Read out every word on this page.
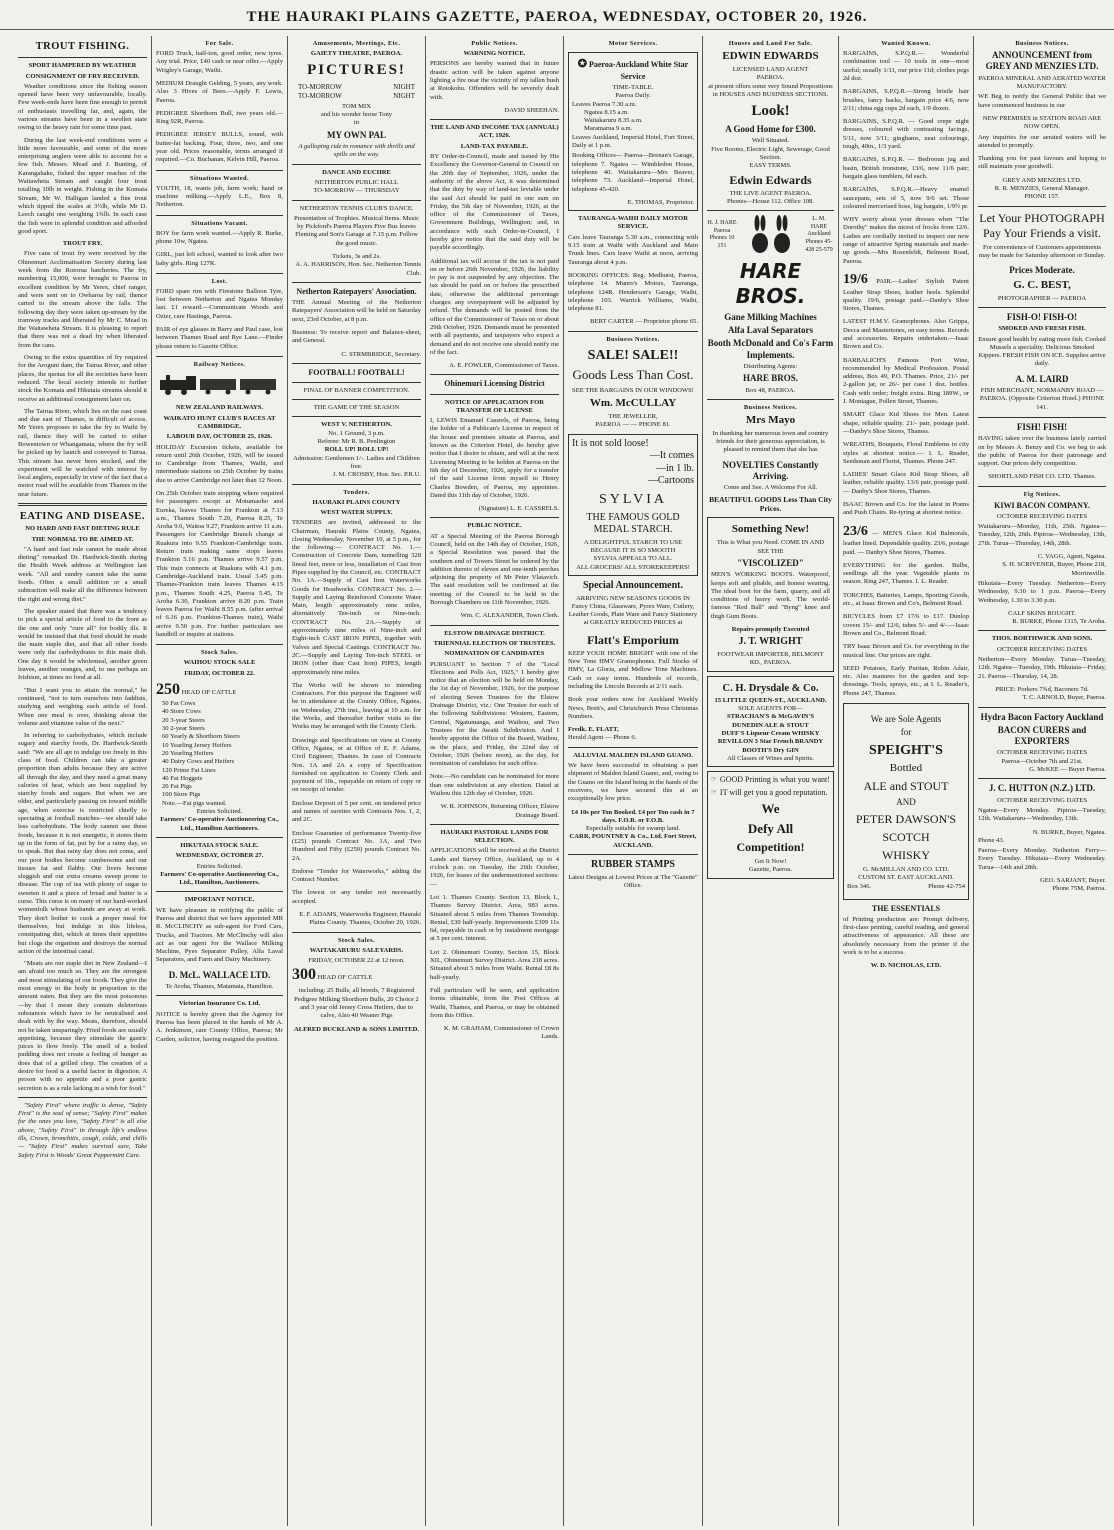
THE HAURAKI PLAINS GAZETTE, PAEROA, WEDNESDAY, OCTOBER 20, 1926.
TROUT FISHING.
SPORT HAMPERED BY WEATHER
CONSIGNMENT OF FRY RECEIVED.

Weather conditions since the fishing season opened have been very unfavourable, locally. Few week-ends have been fine enough to permit of enthusiasts travelling far, and, again, the various streams have been in a swollen state owing to the heavy rain for some time past.

During the last week-end conditions were a little more favourable, and some of the more enterprising anglers were able to account for a few fish. Messrs. Mead and J. Bunting, of Karangahake, fished the upper reaches of the Waitawheta Stream and caught four trout totalling 10lb in weight. Fishing in the Komata Stream, Mr W. Halligan landed a fine trout which tipped the scales at 3½lb, while Mr D. Leech caught one weighing 1¾lb. In each case the fish were in splendid condition and afforded good sport.

TROUT FRY.

Five cans of trout fry were received by the Ohinemuri Acclimatisation Society during last week from the Rotorua hatcheries. The fry, numbering 15,000, were brought to Paeroa in excellent condition by Mr Yerex, chief ranger, and were sent on to Owharoa by rail, thence carted to the stream above the falls. The following day they were taken up-stream by the tramway tracks and liberated by Mr C. Mead in the Waitawheta Stream. It is pleasing to report that there was not a dead fry when liberated from the cans.

Owing to the extra quantities of fry required for the Aroguni dam, the Tairua River, and other places, the quotas for all the societies have been reduced. The local society intends to further stock the Komata and Hikutaia streams should it receive an additional consignment later on.

The Tairua River, which lies on the east coast and due east of Thames, is difficult of access. Mr Yerex proposes to take the fry to Waihi by rail, thence they will be carted to either Bowentown or Whangamata, where the fry will be picked up by launch and conveyed to Tairua. This stream has never been stocked, and the experiment will be watched with interest by local anglers, especially in view of the fact that a motor road will be available from Thames in the near future.

EATING AND DISEASE.
NO HARD AND FAST DIETING RULE
THE NORMAL TO BE AIMED AT.

"A hard and fast rule cannot be made about dieting" remarked Dr. Hardwick-Smith during the Health Week address at Wellington last week. "All and sundry cannot take the same foods. Often a small addition or a small subtraction will make all the difference between the right and wrong diet."

The speaker stated that there was a tendency to pick a special article of food to the front as the one and only "cure all" for bodily ills. It would be insisted that that food should be made the main staple diet, and that all other foods were only the carbohydrates to this main dish. One day it would be wholemeal, another green leaves, another oranges, and, to use perhaps an Irishism, at times no food at all.

"But I want you to attain the normal," he continued, "not to turn ourselves into faddists, studying and weighing each article of food. When one meal is over, thinking about the volume and vitamine value of the next."

In referring to carbohydrates, which include sugary and starchy foods, Dr. Hardwick-Smith said: "We are all apt to indulge too freely in this class of food. Children can take a greater proportion than adults because they are active all through the day, and they need a great many calories of heat, which are best supplied by starchy foods and sugars. But when we are older, and particularly passing on toward middle age, when exercise is restricted chiefly to spectating at football matches—we should take less carbohydrate. The body cannot use these foods, because it is not energetic, it stores them up in the form of fat, put by for a rainy day, so to speak. But that rainy day does not come, and our poor bodies become cumbersome and our tissues fat and flabby. Our livers become sluggish and our extra creams sweep prone to disease. The cup of tea with plenty of sugar to sweeten it and a piece of bread and butter is a curse. This curse is on many of our hard-worked womenfolk whose husbands are away at work. They don't bother to cook a proper meal for themselves, but indulge in this lifeless, constipating diet, which at times their appetites but clogs the organism and destroys the normal action of the intestinal canal.

"Meats are our staple diet in New Zealand—I am afraid too much so. They are the strongest and most stimulating of our foods. They give the most energy to the body in proportion to the amount eaten. But they are the most poisonous—by that I mean they contain deleterious substances which have to be neutralised and dealt with by the way. Meats, therefore, should not be taken unsparingly. Fried foods are usually appetising, because they stimulate the gastric juices to flow freely. The smell of a boiled pudding does not create a feeling of hunger as does that of a grilled chop. The creation of a desire for food is a useful factor in digestion. A person with no appetite and a poor gastric secretion is as a rule lacking in a wish for food."

"Safety First" where traffic is dense, "Safety First" is the soul of sense; "Safety First" makes for the ones you love, "Safety First" is all else above, "Safety First" in through life's endless ills, Crown, bronchitis, cough, colds, and chills— "Safety First" makes survival sure, Take Safety First is Woods' Great Peppermint Cure.

For Sale.

FORD Truck, half-ton, good order, new tyres. Any trial. Price, £40 cash or near offer.—Apply Wrigley's Garage, Waihi.

MEDIUM Draught Gelding, 5 years, any work. Also 3 Hives of Bees.—Apply F. Lewis, Paeroa.

PEDIGREE Shorthorn Bull, two years old.—Ring 92R, Paeroa.

PEDIGREE JERSEY BULLS, sound, with butter-fat backing. Four, three, two, and one year old. Prices reasonable, terms arranged if required.—Co. Buchanan, Kelvin Hill, Paeroa.

Situations Wanted.

YOUTH, 18, wants job, farm work; hand or machine milking.—Apply L.E., Box 8, Netherton.

Situations Vacant.

BOY for farm work wanted.—Apply R. Burke, phone 10w, Ngatea.

GIRL, just left school, wanted to look after two baby girls. Ring 127R.

Lost.

FORD spare rim with Firestone Balloon Tyre, lost between Netherton and Ngatea Monday last. £1 reward.—Communicate Woods and Ozier, care Hastings, Paeroa.

PAIR of eye glasses in Barry and Paul case, lost between Thames Road and Rye Lane.—Finder please return to Gazette Office.

Railway Notices.
NEW ZEALAND RAILWAYS.
WAIKATO HUNT CLUB'S RACES AT CAMBRIDGE.
LABOUR DAY, OCTOBER 25, 1926.

HOLIDAY Excursion tickets, available for return until 26th October, 1926, will be issued to Cambridge from Thames, Waihi, and intermediate stations on 25th October by trains due to arrive Cambridge not later than 12 Noon.

On 25th October train stopping where required for passengers except at Motumaoho and Eureka, leaves Thames for Frankton at 7.13 a.m., Thames South 7.20, Paeroa 8.25, Te Aroha 9.6, Waitoa 9.27, Frankton arrive 11 a.m. Passengers for Cambridge Branch change at Ruakura into 9.55 Frankton-Cambridge train. Return train making same stops leaves Frankton 5.16 p.m. Thames arrive 9.57 p.m. This train connects at Ruakura with 4.1 p.m. Cambridge-Auckland train. Usual 3.45 p.m. Thames-Frankton train leaves Thames 4.15 p.m., Thames South 4.25, Paeroa 5.45, Te Aroha 6.30, Frankton arrive 8.20 p.m. Train leaves Paeroa for Waihi 8.55 p.m. (after arrival of 6.16 p.m. Frankton-Thames train), Waihi arrive 9.50 p.m. For further particulars see handbill or inquire at stations.

Stock Sales.
WAIHOU STOCK SALE
FRIDAY, OCTOBER 22.
250 HEAD OF CATTLE
50 Fat Cows
40 Store Cows
20 3-year Steers
30 2-year Steers
60 Yearly & Shorthorn Steers
10 Yearling Jersey Heifers
20 Yearling Heifers
40 Dairy Cows and Heifers
120 Prime Fat Lines
40 Fat Hoggets
20 Fat Pigs
100 Store Pigs
Note.—Fat pigs wanted.
Entries Solicited.
Farmers' Co-operative Auctioneering Co., Ltd., Hamilton Auctioneers.
HIKUTAIA STOCK SALE.
WEDNESDAY, OCTOBER 27.
Entries Solicited.
Farmers' Co-operative Auctioneering Co., Ltd., Hamilton, Auctioneers.
IMPORTANT NOTICE.

WE have pleasure in notifying the public of Paeroa and district that we have appointed MR R. McCLINCHY as sub-agent for Ford Cars, Trucks, and Tractors. Mr McClinchy will also act as our agent for the Wallace Milking Machine, Pyes Separator Pulley, Alfa Laval Separators, and Farm and Dairy Machinery.

D. McL. WALLACE LTD.
Te Aroha, Thames, Matamata, Hamilton.
Victorian Insurance Co. Ltd.

NOTICE is hereby given that the Agency for Paeroa has been placed in the hands of Mr A. A. Jenkinson, care County Office, Paeroa; Mr Carden, solicitor, having resigned the position.

Amusements, Meetings, Etc.
GAIETY THEATRE, PAEROA.
PICTURES!
TO-MORROW
TO-MORROW
NIGHT
NIGHT
TOM MIX
and his wonder horse Tony
in
MY OWN PAL
A galloping ride to romance with thrills and spills on the way.
DANCE AND EUCHRE
NETHERTON PUBLIC HALL
TO-MORROW — THURSDAY
NETHERTON TENNIS CLUB'S DANCE.

Presentation of Trophies. Musical Items. Music by Pickford's Paeroa Players Five Bus leaves Fleming and Son's Garage at 7.15 p.m. Follow the good music.

Tickets, 3s and 2s.
A. A. HARRISON, Hon. Sec. Netherton Tennis Club.
Netherton Ratepayers' Association.

THE Annual Meeting of the Netherton Ratepayers' Association will be held on Saturday next, 23rd October, at 8 p.m.

Business: To receive report and Balance-sheet, and General.

C. STRMBRIDGE, Secretary.
FOOTBALL! FOOTBALL!
FINAL OF BANNER COMPETITION.
THE GAME OF THE SEASON
WEST V. NETHERTON.
No. 1 Ground, 3 p.m.
Referee: Mr R. B. Penlington
ROLL UP! ROLL UP!
Admission: Gentlemen 1/-. Ladies and Children free.
J. M. CROSBY, Hon. Sec. P.R.U.
Tenders.
HAURAKI PLAINS COUNTY
WEST WATER SUPPLY.

TENDERS are invited, addressed to the Chairman, Hauraki Plains County, Ngatea, closing Wednesday, November 10, at 5 p.m., for the following:— CONTRACT No. 1.—Construction of Concrete Dam, tunnelling 328 lineal feet, more or less, installation of Cast Iron Pipes supplied by the Council, etc. CONTRACT No. 1A.—Supply of Cast Iron Waterworks Goods for Headworks. CONTRACT No. 2.—Supply and Laying Reinforced Concrete Water Main, length approximately nine miles, alternatively Ten-inch or Nine-inch. CONTRACT No. 2A.—Supply of approximately nine miles of Nine-inch and Eight-inch CAST IRON PIPES, together with Valves and Special Castings. CONTRACT No. 2C.—Supply and Laying Ten-inch STEEL or IRON (other than Cast Iron) PIPES, length approximately nine miles.

The Works will be shown to intending Contractors. For this purpose the Engineer will be in attendance at the County Office, Ngatea, on Wednesday, 27th inst., leaving at 10 a.m. for the Works, and thereafter further visits to the Works may be arranged with the County Clerk.

Drawings and Specifications on view at County Office, Ngatea, or at Office of E. F. Adams, Civil Engineer, Thames. In case of Contracts Nos. 1A and 2A a copy of Specification furnished on application to County Clerk and payment of 10s., repayable on return of copy or on receipt of tender.

Enclose Deposit of 5 per cent. on tendered price and names of sureties with Contracts Nos. 1, 2, and 2C.

Enclose Guarantee of performance Twenty-five (£25) pounds Contract No. 1A, and Two Hundred and Fifty (£250) pounds Contract No. 2A.

Endorse "Tender for Waterworks," adding the Contract Number.

The lowest or any tender not necessarily accepted.

E. F. ADAMS, Waterworks Engineer, Hauraki Plains County. Thames, October 20, 1926.
Stock Sales.
WAITAKARURU SALEYARDS.
FRIDAY, OCTOBER 22 at 12 noon.
300 HEAD OF CATTLE

including: 25 Bulls, all breeds, 7 Registered Pedigree Milking Shorthorn Bulls, 20 Choice 2 and 3 year old Jersey Cross Heifers, due to calve, Also 40 Weaner Pigs

ALFRED BUCKLAND & SONS LIMITED.
Public Notices.
WARNING NOTICE.

PERSONS are hereby warned that in future drastic action will be taken against anyone lighting a fire near the vicinity of my tallen bush at Rotokohu. Offenders will be severely dealt with.

DAVID SHEEHAN.
THE LAND AND INCOME TAX (ANNUAL) ACT, 1926.
LAND-TAX PAYABLE.

BY Order-in-Council, made and issued by His Excellency the Governor-General in Council on the 20th day of September, 1926, under the authority of the above Act, it was determined that the duty by way of land-tax leviable under the said Act should be paid in one sum on Friday, the 5th day of November, 1926, at the office of the Commissioner of Taxes, Government Buildings, Wellington; and, in accordance with such Order-in-Council, I hereby give notice that the said duty will be payable accordingly.

Additional tax will accrue if the tax is not paid on or before 26th November, 1926, the liability to pay is not suspended by any objection. The tax should be paid on or before the prescribed date, otherwise the additional percentage charges: any overpayment will be adjusted by refund. The demands will be posted from the office of the Commissioner of Taxes on or about 29th October, 1926. Demands must be presented with all payments, and taxpayers who expect a demand and do not receive one should notify me of the fact.

A. E. FOWLER, Commissioner of Taxes.
Ohinemuri Licensing District
NOTICE OF APPLICATION FOR TRANSFER OF LICENSE

I, LEWIS Emanuel Cassrels, of Paeroa, being the holder of a Publican's License in respect of the house and premises situate at Paeroa, and known as the Criterion Hotel, do hereby give notice that I desire to obtain, and will at the next Licensing Meeting to be holden at Paeroa on the 6th day of December, 1926, apply for a transfer of the said License from myself to Henry Charles Bowden, of Paeroa, my appointee. Dated this 11th day of October, 1926.

(Signature) L. E. CASSRELS.
PUBLIC NOTICE.

AT a Special Meeting of the Paeroa Borough Council, held on the 14th day of October, 1926, a Special Resolution was passed that the southern end of Towers Street be ordered by the addition thereto of eleven and one-tenth perches adjoining the property of Mr Peter Vlatavich. The said resolution will be confirmed at the meeting of the Council to be held in the Borough Chambers on 11th November, 1926.

Wm. C. ALEXANDER, Town Clerk.
ELSTOW DRAINAGE DISTRICT.
TRIENNIAL ELECTION OF TRUSTEES.
NOMINATION OF CANDIDATES

PURSUANT to Section 7 of the "Local Elections and Polls Act, 1925," I hereby give notice that an election will be held on Monday, the 1st day of November, 1926, for the purpose of electing Seven Trustees for the Elstow Drainage District, viz.: One Trustee for each of the following Subdivisions: Western, Eastern, Central, Ngatumanga, and Waihou, and Two Trustees for the Awaiti Subdivision. And I hereby appoint the Office of the Board, Waihou, as the place, and Friday, the 22nd day of October, 1926 (before noon), as the day, for nomination of candidates for such office.

Note.—No candidate can be nominated for more than one subdivision at any election. Dated at Waihou this 12th day of October, 1926.

W. R. JOHNSON, Returning Officer, Elstow Drainage Board.
HAURAKI PASTORAL LANDS FOR SELECTION.

APPLICATIONS will be received at the District Lands and Survey Office, Auckland, up to 4 o'clock p.m. on Tuesday, the 26th October, 1926, for leases of the undermentioned sections:—

Lot 1. Thames County. Section 13, Block I., Thames Survey District. Area, 983 acres. Situated about 5 miles from Thames Township. Rental, £30 half-yearly. Improvements £399 11s 6d, repayable in cash or by instalment mortgage at 5 per cent. interest.

Lot 2. Ohinemuri County. Section 15, Block XII., Ohinemuri Survey District. Area 218 acres. Situated about 5 miles from Waihi. Rental £8 8s half-yearly.

Full particulars will be seen, and application forms obtainable, from the Post Offices at Waihi, Thames, and Paeroa, or may be obtained from this Office.

K. M. GRAHAM, Commissioner of Crown Lands.
Motor Services.
✪ Paeroa-Auckland White Star Service
TIME-TABLE.
Paeroa Daily.
Leaves Paeroa 7.30 a.m.
Ngatea 8.15 a.m.
Waitakaruru 8.35 a.m.
Maramarua 9 a.m.
Leaves Auckland, Imperial Hotel, Fort Street, Daily at 1 p.m.

Booking Offices— Paeroa—Brenan's Garage, telephone 7. Ngatea — Wimbledon House, telephone 40. Waitakaruru—Mrs Beaver, telephone 73. Auckland—Imperial Hotel, telephone 45-420.

E. THOMAS, Proprietor.
TAURANGA-WAIHI DAILY MOTOR SERVICE.

Cars leave Tauranga 5.30 a.m., connecting with 9.15 train at Waihi with Auckland and Main Trunk lines. Cars leave Waihi at noon, arriving Tauranga about 4 p.m.

BOOKING OFFICES: Reg. Medhurst, Paeroa, telephone 14. Munro's Motors, Tauranga, telephone 124R. Henderson's Garage, Waihi, telephone 103. Warrick Williams, Waihi, telephone 81.

BERT CARTER — Proprietor phone 65.
Business Notices.
SALE! SALE!!
Goods Less Than Cost.
SEE THE BARGAINS IN OUR WINDOWS!
Wm. McCULLAY
THE JEWELLER,
PAEROA — — PHONE 81.
It is not sold loose!
—It comes
—in 1 lb.
—Cartoons
SYLVIA
THE FAMOUS GOLD MEDAL STARCH.
A DELIGHTFUL STARCH TO USE BECAUSE IT IS SO SMOOTH
SYLVIA APPEALS TO ALL.
ALL GROCERS! ALL STOREKEEPERS!
Special Announcement.

ARRIVING NEW SEASON'S GOODS IN Fancy China, Glassware, Pyrex Ware, Cutlery, Leather Goods, Plate Ware and Fancy Stationery at GREATLY REDUCED PRICES at

Flatt's Emporium

KEEP YOUR HOME BRIGHT with one of the New Tone HMV Gramophones. Full Stocks of HMV, La Gloria, and Mellow Tone Machines. Cash or easy terms. Hundreds of records, including the Lincoln Records at 2/11 each.

Book your orders now for Auckland Weekly News, Brett's, and Christchurch Press Christmas Numbers.

Fredk. E. FLATT,
Herald Agent — Phone 6.
ALLUVIAL MALDEN ISLAND GUANO.

We have been successful in obtaining a part shipment of Malden Island Guano, and, owing to the Guano on the Island being in the hands of the receivers, we have secured this at an exceptionally low price.

£4 10s per Ton Booked. £4 per Ton cash in 7 days. F.O.R. or F.O.B.
Especially suitable for swamp land.
CARR, POUNTNEY & Co., Ltd. Fort Street, AUCKLAND.
RUBBER STAMPS
Latest Designs at Lowest Prices at The "Gazette" Office.
Houses and Land For Sale.
EDWIN EDWARDS
LICENSED LAND AGENT
PAEROA.
at present offers some very Sound Propositions in HOUSES AND BUSINESS SECTIONS.
Look!
A Good Home for £300.
Well Situated.
Five Rooms, Electric Light, Sewerage, Good Section.
EASY TERMS.
Edwin Edwards
THE LIVE AGENT PAEROA.
Phones—House 112. Office 108.
H. J. HARE Paeroa Phones 10 151
L. M. HARE Auckland Phones 45-428 25-579
HARE BROS.
Gane Milking Machines
Alfa Laval Separators
Booth McDonald and Co's Farm Implements.
Distributing Agents:
HARE BROS.
Box 48, PAEROA.
Business Notices.
Mrs Mayo

In thanking her numerous town and country friends for their generous appreciation, is pleased to remind them that she has

NOVELTIES Constantly Arriving.
Come and See. A Welcome For All.
BEAUTIFUL GOODS Less Than City Prices.
Something New!
This is What you Need. COME IN AND SEE THE
"VISCOLIZED"

MEN'S WORKING BOOTS. Waterproof, keeps soft and pliable, and honest wearing. The ideal boot for the farm, quarry, and all conditions of heavy work. The world-famous "Red Ball" and "Byng" knee and thigh Gum Boots.

Repairs promptly Executed
J. T. WRIGHT
FOOTWEAR IMPORTER, BELMONT RD., PAEROA.
C. H. Drysdale & Co.
15 LITTLE QUEEN-ST., AUCKLAND.
SOLE AGENTS FOR—
STRACHAN'S & McGAVIN'S DUNEDIN ALE & STOUT
DUFF'S Liqueur Cream WHISKY
REVILLON 3 Star French BRANDY
BOOTH'S Dry GIN
All Classes of Wines and Spirits.
☞ GOOD Printing is what you want!
☞ IT will get you a good reputation.
We
Defy All
Competition!
Get It Now!
Gazette, Paeroa.
Wanted Known.

BARGAINS, S.P.Q.R.— Wonderful combination tool — 10 tools in one—most useful; usually 1/11, our price 11d; clothes pegs 2d doz.

BARGAINS, S.P.Q.R.—Strong bristle hair brushes, fancy backs, bargain price 4/6, now 2/11; china egg cups 2d each, 1/9 dozen.

BARGAINS, S.P.Q.R. — Good crepe night dresses, coloured with contrasting facings, 5/11, now 3/11; ginghams, neat colourings, tough, 40in., 1/3 yard.

BARGAINS, S.P.Q.R. — Bedrooun jug and basin, British ironstone, 13/6, now 11/6 pair; bargain glass tumblers, 6d each.

BARGAINS, S.P.Q.R.—Heavy enamel saucepans, sets of 5, now 9/6 set. Those coloured mercerised hose, big bargain, 1/9½ pr.

WHY worry about your dresses when "The Dorothy" makes the nicest of frocks from 12/6. Ladies are cordially invited to inspect our new range of attractive Spring materials and made-up goods.—Mrs Rosenfeldt, Belmont Road, Paeroa.

19/6 PAIR.—Ladies' Stylish Patent Leather Strap Shoes, leather heels. Splendid quality. 19/6, postage paid.—Danby's Shoe Stores, Thames.

LATEST H.M.V. Gramophones. Also Grippa, Decca and Mastertones, on easy terms. Records and accessories. Repairs undertaken.—Isaac Brown and Co.

BARBALICH'S Famous Port Wine, recommended by Medical Profession. Postal address, Box 49, P.O. Thames. Price, 21/- per 2-gallon jar, or 26/- per case 1 doz. bottles. Cash with order; freight extra. Ring 189W., or J. Montague, Pollen Street, Thames.

SMART Glace Kid Shoes for Men. Latest shape, reliable quality. 21/- pair, postage paid.—Danby's Shoe Stores, Thames.

WREATHS, Bouquets, Floral Emblems in city styles at shortest notice.— I. L. Reader, Seedsman and Florist, Thames. Phone 247.

LADIES' Smart Glace Kid Strap Shoes, all leather, reliable quality. 13/6 pair, postage paid. — Danby's Shoe Stores, Thames.

ISAAC Brown and Co. for the latest in Prams and Push Chairs. Re-tyring at shortest notice.

23/6 — MEN'S Glace Kid Balmorals, leather lined. Dependable quality. 23/6, postage paid. — Danby's Shoe Stores, Thames.

EVERYTHING for the garden. Bulbs, seedlings all the year. Vegetable plants in season. Ring 247, Thames. I. L. Reader.

TORCHES, Batteries, Lamps, Sporting Goods, etc., at Isaac Brown and Co's, Belmont Road.

BICYCLES from £7 17/6 to £17. Dunlop covers 15/- and 12/6, tubes 5/- and 4/-.—Isaac Brown and Co., Belmont Road.

TRY Isaac Brown and Co. for everything in the musical line. Our prices are right.

SEED Potatoes, Early Puritan, Robin Adair, etc. Also manures for the garden and top-dressings. Tools, sprays, etc., at I. L. Reader's, Phone 247, Thames.

We are Sole Agents
for
SPEIGHT'S
Bottled
ALE and STOUT
AND
PETER DAWSON'S
SCOTCH
WHISKY
G. McMILLAN AND CO. LTD.
CUSTOM ST. EAST AUCKLAND.
Box 346.	Phone 42-754
THE ESSENTIALS

of Printing production are: Prompt delivery, first-class printing, careful reading, and general attractiveness of appearance. All these are absolutely necessary from the printer if the work is to be a success.

W. D. NICHOLAS, LTD.
Business Notices.
ANNOUNCEMENT from GREY AND MENZIES LTD.
PAEROA MINERAL AND AERATED WATER MANUFACTORY.

WE Beg to notify the General Public that we have commenced business in our

NEW PREMISES in STATION ROAD ARE NOW OPEN.

Any inquiries for our aerated waters will be attended to promptly.

Thanking you for past favours and hoping to still maintain your goodwill.

GREY AND MENZIES LTD.
R. R. MENZIES, General Manager.
PHONE 157.
Let Your PHOTOGRAPH Pay Your Friends a visit.

For convenience of Customers appointments may be made for Saturday afternoon or Sunday.

Prices Moderate.
G. C. BEST,
PHOTOGRAPHER — PAEROA
FISH-O! FISH-O!
SMOKED AND FRESH FISH.

Ensure good health by eating more fish. Cooked Mussels a speciality. Delicious Smoked Kippers. FRESH FISH ON ICE. Supplies arrive daily.

A. M. LAIRD

FISH MERCHANT, NORMANBY ROAD — PAEROA. (Opposite Criterion Hotel.) PHONE 141.

FISH! FISH!

HAVING taken over the business lately carried on by Messrs A. Benzy and Co. we beg to ask the public of Paeroa for their patronage and support. Our prices defy competition.

SHORTLAND FISH CO. LTD. Thames.
Fig Notices.
KIWI BACON COMPANY.
OCTOBER RECEIVING DATES

Waitakaruru—Monday, 11th, 25th. Ngatea—Tuesday, 12th, 26th. Pipiroa—Wednesday, 13th, 27th. Turua—Thursday, 14th, 28th.

C. VAGG, Agent, Ngatea.
S. H. SCRIVENER, Buyer, Phone 218, Morrinsville.

Hikutaia—Every Tuesday. Netherton—Every Wednesday, 9.30 to 1 p.m. Paeroa—Every Wednesday, 1.30 to 3.30 p.m.

CALF SKINS BOUGHT.
R. BURKE, Phone 1315, Te Aroha.
THOS. BORTHWICK AND SONS.
OCTOBER RECEIVING DATES

Netherton—Every Monday. Turua—Tuesday, 12th. Ngatea—Tuesday, 19th. Hikutaia—Friday, 21. Paeroa—Thursday, 14, 28.

PRICE: Porkers 7¾d, Baconers 7d.
T. C. ARNOLD, Buyer, Paeroa.
Hydra Bacon Factory Auckland
BACON CURERS and EXPORTERS
OCTOBER RECEIVING DATES
Paeroa—October 7th and 21st.
G. McKEE — Buyer Paeroa.
J. C. HUTTON (N.Z.) LTD.
OCTOBER RECEIVING DATES

Ngatea—Every Monday. Pipiroa—Tuesday, 12th. Waitakaruru—Wednesday, 13th.

N. BURKE, Buyer, Ngatea.
Phone 43.

Paeroa—Every Monday. Netherton Ferry—Every Tuesday. Hikutaia—Every Wednesday. Turua—14th and 28th.

GEO. SARJANT, Buyer.
Phone 75M, Paeroa.
